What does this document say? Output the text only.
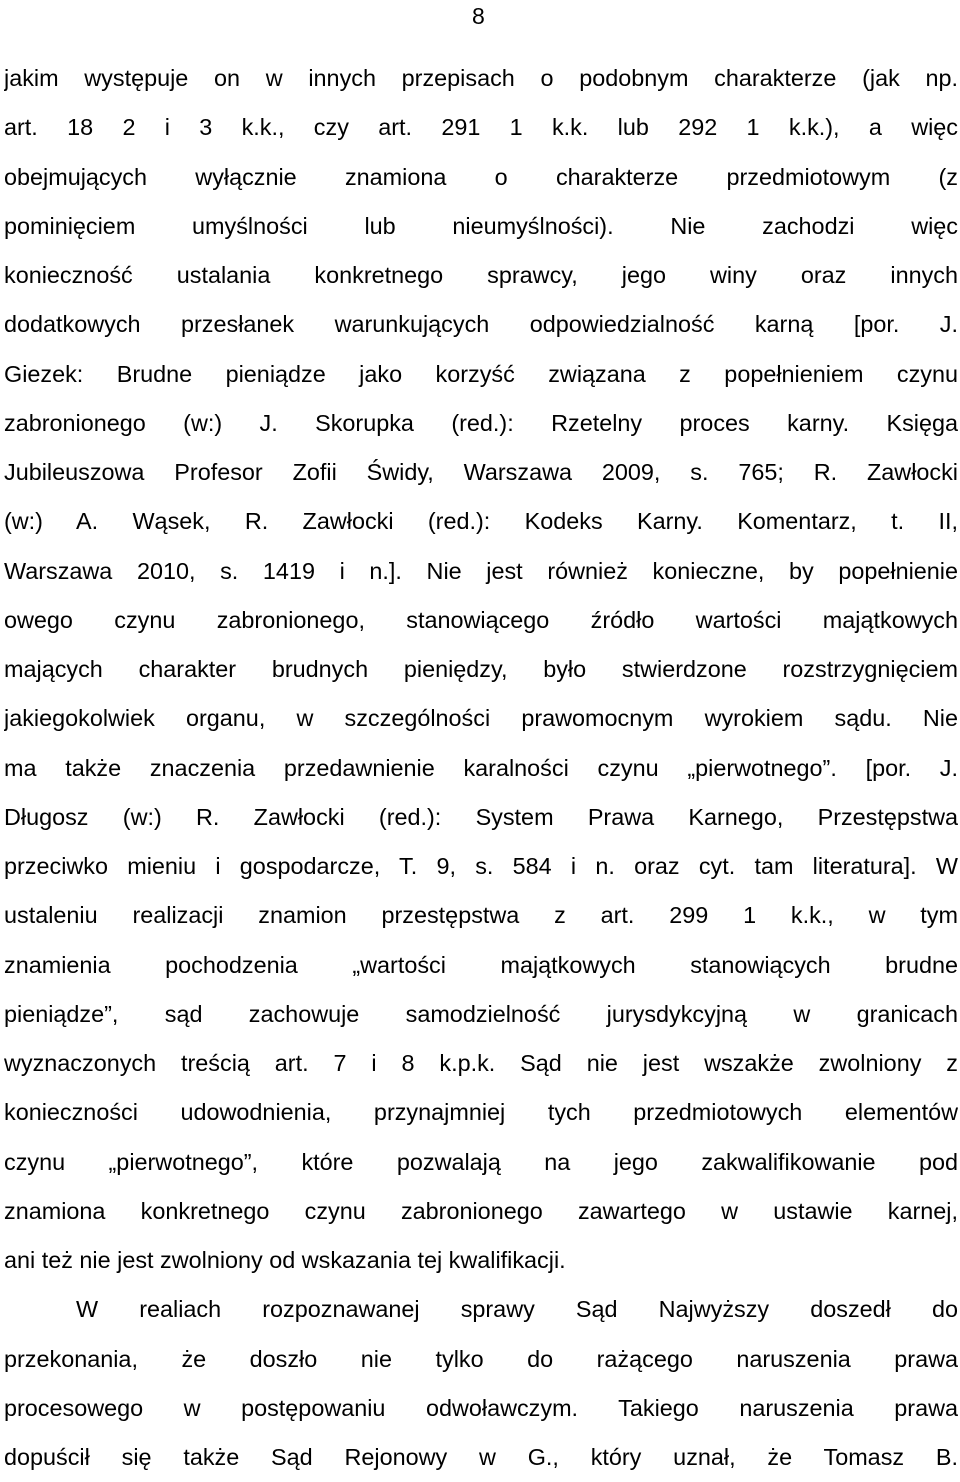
8
jakim występuje on w innych przepisach o podobnym charakterze (jak np.
art. 18 2 i 3 k.k., czy art. 291 1 k.k. lub 292 1 k.k.), a więc
obejmujących wyłącznie znamiona o charakterze przedmiotowym (z
pominięciem umyślności lub nieumyślności). Nie zachodzi więc
konieczność ustalania konkretnego sprawcy, jego winy oraz innych
dodatkowych przesłanek warunkujących odpowiedzialność karną [por. J.
Giezek: Brudne pieniądze jako korzyść związana z popełnieniem czynu
zabronionego (w:) J. Skorupka (red.): Rzetelny proces karny. Księga
Jubileuszowa Profesor Zofii Świdy, Warszawa 2009, s. 765; R. Zawłocki
(w:) A. Wąsek, R. Zawłocki (red.): Kodeks Karny. Komentarz, t. II,
Warszawa 2010, s. 1419 i n.]. Nie jest również konieczne, by popełnienie
owego czynu zabronionego, stanowiącego źródło wartości majątkowych
mających charakter brudnych pieniędzy, było stwierdzone rozstrzygnięciem
jakiegokolwiek organu, w szczególności prawomocnym wyrokiem sądu. Nie
ma także znaczenia przedawnienie karalności czynu „pierwotnego”. [por. J.
Długosz (w:) R. Zawłocki (red.): System Prawa Karnego, Przestępstwa
przeciwko mieniu i gospodarcze, T. 9, s. 584 i n. oraz cyt. tam literatura]. W
ustaleniu realizacji znamion przestępstwa z art. 299 1 k.k., w tym
znamienia pochodzenia „wartości majątkowych stanowiących brudne
pieniądze”, sąd zachowuje samodzielność jurysdykcyjną w granicach
wyznaczonych treścią art. 7 i 8 k.p.k. Sąd nie jest wszakże zwolniony z
konieczności udowodnienia, przynajmniej tych przedmiotowych elementów
czynu „pierwotnego”, które pozwalają na jego zakwalifikowanie pod
znamiona konkretnego czynu zabronionego zawartego w ustawie karnej,
ani też nie jest zwolniony od wskazania tej kwalifikacji.
W realiach rozpoznawanej sprawy Sąd Najwyższy doszedł do
przekonania, że doszło nie tylko do rażącego naruszenia prawa
procesowego w postępowaniu odwoławczym. Takiego naruszenia prawa
dopuścił się także Sąd Rejonowy w G., który uznał, że Tomasz B.
